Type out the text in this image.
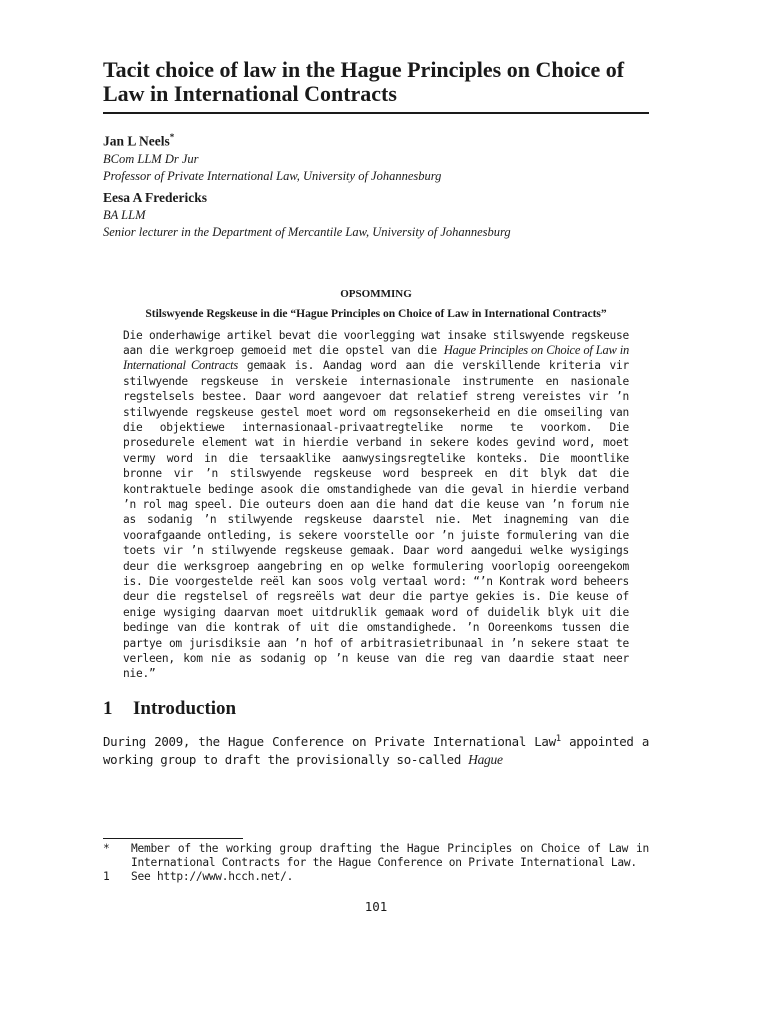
Tacit choice of law in the Hague Principles on Choice of Law in International Contracts
Jan L Neels*
BCom LLM Dr Jur
Professor of Private International Law, University of Johannesburg
Eesa A Fredericks
BA LLM
Senior lecturer in the Department of Mercantile Law, University of Johannesburg
OPSOMMING
Stilswyende Regskeuse in die “Hague Principles on Choice of Law in International Contracts”

Die onderhawige artikel bevat die voorlegging wat insake stilswyende regskeuse aan die werkgroep gemoeid met die opstel van die Hague Principles on Choice of Law in International Contracts gemaak is. Aandag word aan die verskillende kriteria vir stilwyende regskeuse in verskeie internasionale instrumente en nasionale regstelsels bestee. Daar word aangevoer dat relatief streng vereistes vir ’n stilwyende regskeuse gestel moet word om regsonsekerheid en die omseiling van die objektiewe internasionaal-privaatregtelike norme te voorkom. Die prosedurele element wat in hierdie verband in sekere kodes gevind word, moet vermy word in die tersaaklike aanwysingsregtelike konteks. Die moontlike bronne vir ’n stilswyende regskeuse word bespreek en dit blyk dat die kontraktuele bedinge asook die omstandighede van die geval in hierdie verband ’n rol mag speel. Die outeurs doen aan die hand dat die keuse van ’n forum nie as sodanig ’n stilwyende regskeuse daarstel nie. Met inagneming van die voorafgaande ontleding, is sekere voorstelle oor ’n juiste formulering van die toets vir ’n stilwyende regskeuse gemaak. Daar word aangedui welke wysigings deur die werksgroep aangebring en op welke formulering voorlopig ooreengekom is. Die voorgestelde reël kan soos volg vertaal word: “’n Kontrak word beheers deur die regstelsel of regsreëls wat deur die partye gekies is. Die keuse of enige wysiging daarvan moet uitdruklik gemaak word of duidelik blyk uit die bedinge van die kontrak of uit die omstandighede. ’n Ooreenkoms tussen die partye om jurisdiksie aan ’n hof of arbitrasietribunaal in ’n sekere staat te verleen, kom nie as sodanig op ’n keuse van die reg van daardie staat neer nie.”

1 Introduction

During 2009, the Hague Conference on Private International Law$^1$ appointed a working group to draft the provisionally so-called Hague

*	Member of the working group drafting the Hague Principles on Choice of Law in International Contracts for the Hague Conference on Private International Law.
1	See http://www.hcch.net/.
101
